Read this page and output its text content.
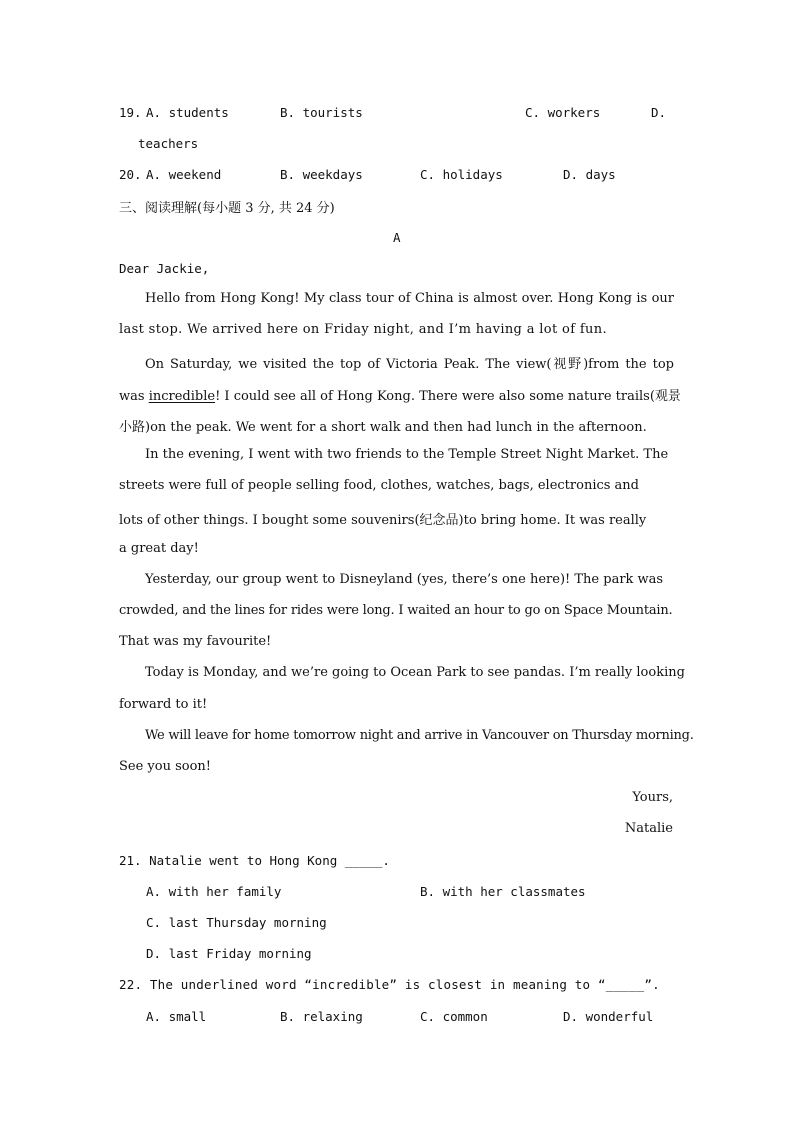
19. A. students	B. tourists	C. workers	D.
teachers
20. A. weekend	B. weekdays	C. holidays	D. days
三、阅读理解(每小题 3 分, 共 24 分)
A
Dear Jackie,
Hello from Hong Kong! My class tour of China is almost over. Hong Kong is our
last stop. We arrived here on Friday night, and I’m having a lot of fun.
On Saturday, we visited the top of Victoria Peak. The view(视野)from the top
was incredible! I could see all of Hong Kong. There were also some nature trails(观景
小路)on the peak. We went for a short walk and then had lunch in the afternoon.
In the evening, I went with two friends to the Temple Street Night Market. The
streets were full of people selling food, clothes, watches, bags, electronics and
lots of other things. I bought some souvenirs(纪念品)to bring home. It was really
a great day!
Yesterday, our group went to Disneyland (yes, there’s one here)! The park was
crowded, and the lines for rides were long. I waited an hour to go on Space Mountain.
That was my favourite!
Today is Monday, and we’re going to Ocean Park to see pandas. I’m really looking
forward to it!
We will leave for home tomorrow night and arrive in Vancouver on Thursday morning.
See you soon!
Yours,
Natalie
21. Natalie went to Hong Kong _____.
A. with her family	B. with her classmates
C. last Thursday morning
D. last Friday morning
22. The underlined word “incredible” is closest in meaning to “_____”.
A. small	B. relaxing	C. common	D. wonderful
